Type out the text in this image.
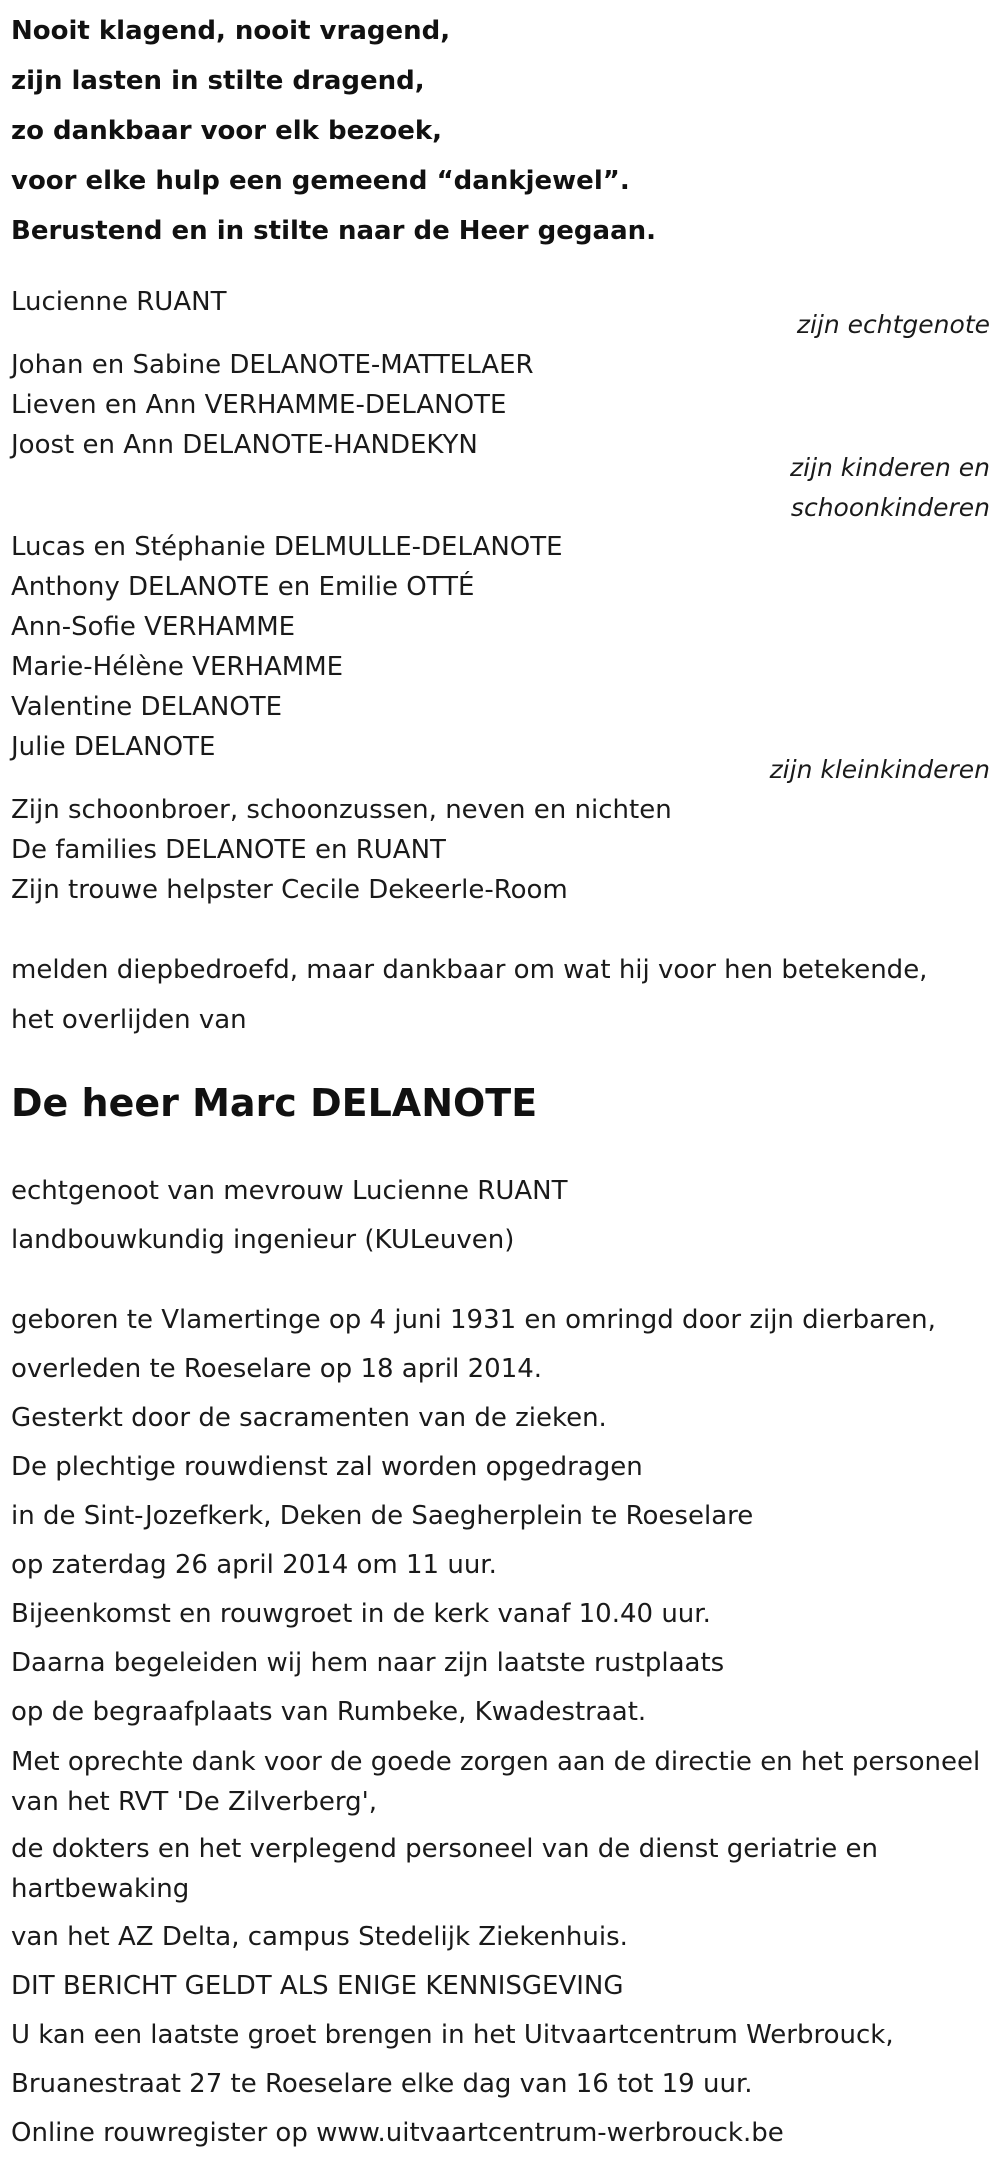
Nooit klagend, nooit vragend,

zijn lasten in stilte dragend,

zo dankbaar voor elk bezoek,

voor elke hulp een gemeend “dankjewel”.

Berustend en in stilte naar de Heer gegaan.

Lucienne RUANT
zijn echtgenote
Johan en Sabine DELANOTE-MATTELAER
Lieven en Ann VERHAMME-DELANOTE
Joost en Ann DELANOTE-HANDEKYN
zijn kinderen en
schoonkinderen
Lucas en Stéphanie DELMULLE-DELANOTE
Anthony DELANOTE en Emilie OTTÉ
Ann-Sofie VERHAMME
Marie-Hélène VERHAMME
Valentine DELANOTE
Julie DELANOTE
zijn kleinkinderen
Zijn schoonbroer, schoonzussen, neven en nichten
De families DELANOTE en RUANT
Zijn trouwe helpster Cecile Dekeerle-Room
melden diepbedroefd, maar dankbaar om wat hij voor hen betekende,
het overlijden van
De heer Marc DELANOTE
echtgenoot van mevrouw Lucienne RUANT
landbouwkundig ingenieur (KULeuven)
geboren te Vlamertinge op 4 juni 1931 en omringd door zijn dierbaren,
overleden te Roeselare op 18 april 2014.
Gesterkt door de sacramenten van de zieken.
De plechtige rouwdienst zal worden opgedragen
in de Sint-Jozefkerk, Deken de Saegherplein te Roeselare
op zaterdag 26 april 2014 om 11 uur.
Bijeenkomst en rouwgroet in de kerk vanaf 10.40 uur.
Daarna begeleiden wij hem naar zijn laatste rustplaats
op de begraafplaats van Rumbeke, Kwadestraat.
Met oprechte dank voor de goede zorgen aan de directie en het personeel van het RVT 'De Zilverberg',
de dokters en het verplegend personeel van de dienst geriatrie en hartbewaking
van het AZ Delta, campus Stedelijk Ziekenhuis.
DIT BERICHT GELDT ALS ENIGE KENNISGEVING
U kan een laatste groet brengen in het Uitvaartcentrum Werbrouck,
Bruanestraat 27 te Roeselare elke dag van 16 tot 19 uur.
Online rouwregister op www.uitvaartcentrum-werbrouck.be
